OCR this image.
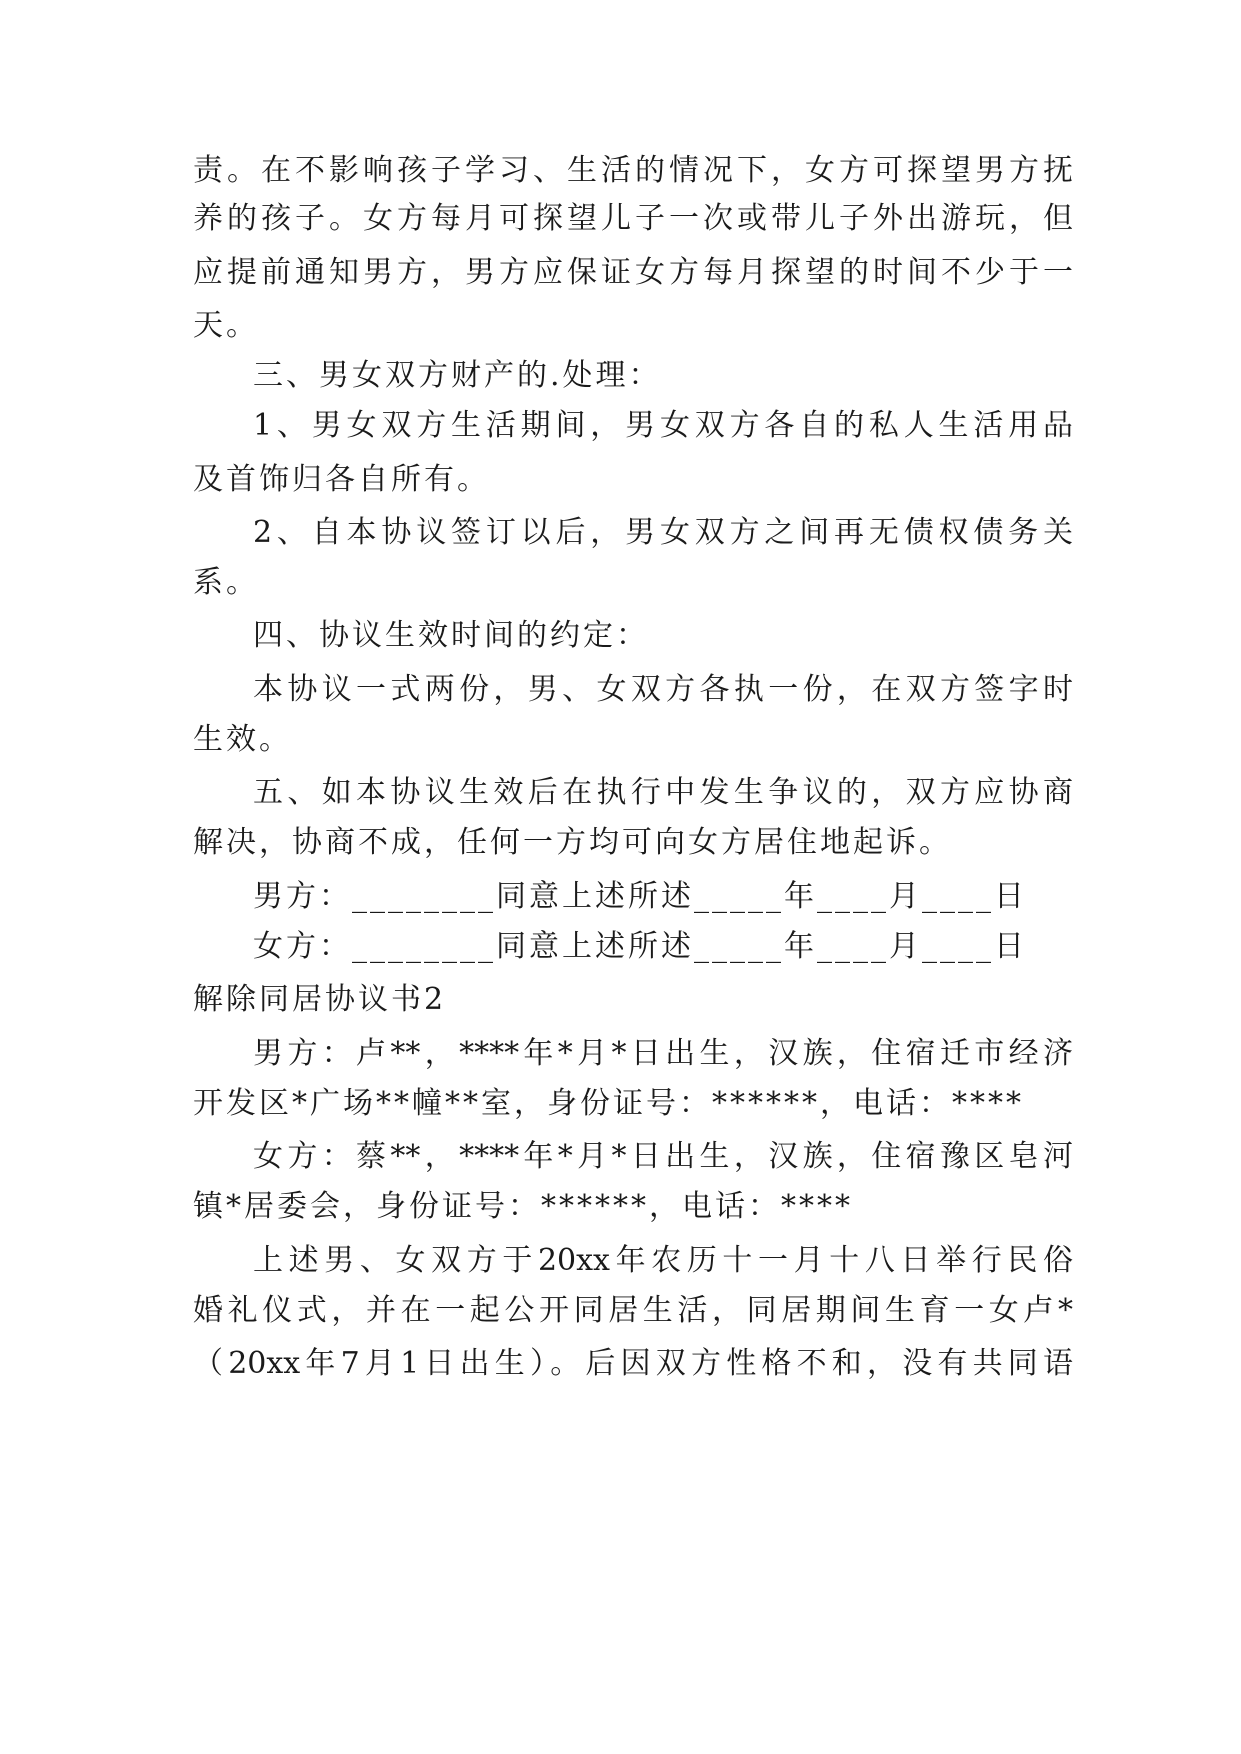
责。在不影响孩子学习、生活的情况下，女方可探望男方抚
养的孩子。女方每月可探望儿子一次或带儿子外出游玩，但
应提前通知男方，男方应保证女方每月探望的时间不少于一
天。
三、男女双方财产的.处理：
1、男女双方生活期间，男女双方各自的私人生活用品
及首饰归各自所有。
2、自本协议签订以后，男女双方之间再无债权债务关
系。
四、协议生效时间的约定：
本协议一式两份，男、女双方各执一份，在双方签字时
生效。
五、如本协议生效后在执行中发生争议的，双方应协商
解决，协商不成，任何一方均可向女方居住地起诉。
男方：________同意上述所述_____年____月____日
女方：________同意上述所述_____年____月____日
解除同居协议书2
男方：卢**，****年*月*日出生，汉族，住宿迁市经济
开发区*广场**幢**室，身份证号：******，电话：****
女方：蔡**，****年*月*日出生，汉族，住宿豫区皂河
镇*居委会，身份证号：******，电话：****
上述男、女双方于20xx年农历十一月十八日举行民俗
婚礼仪式，并在一起公开同居生活，同居期间生育一女卢*
（20xx年7月1日出生）。后因双方性格不和，没有共同语
